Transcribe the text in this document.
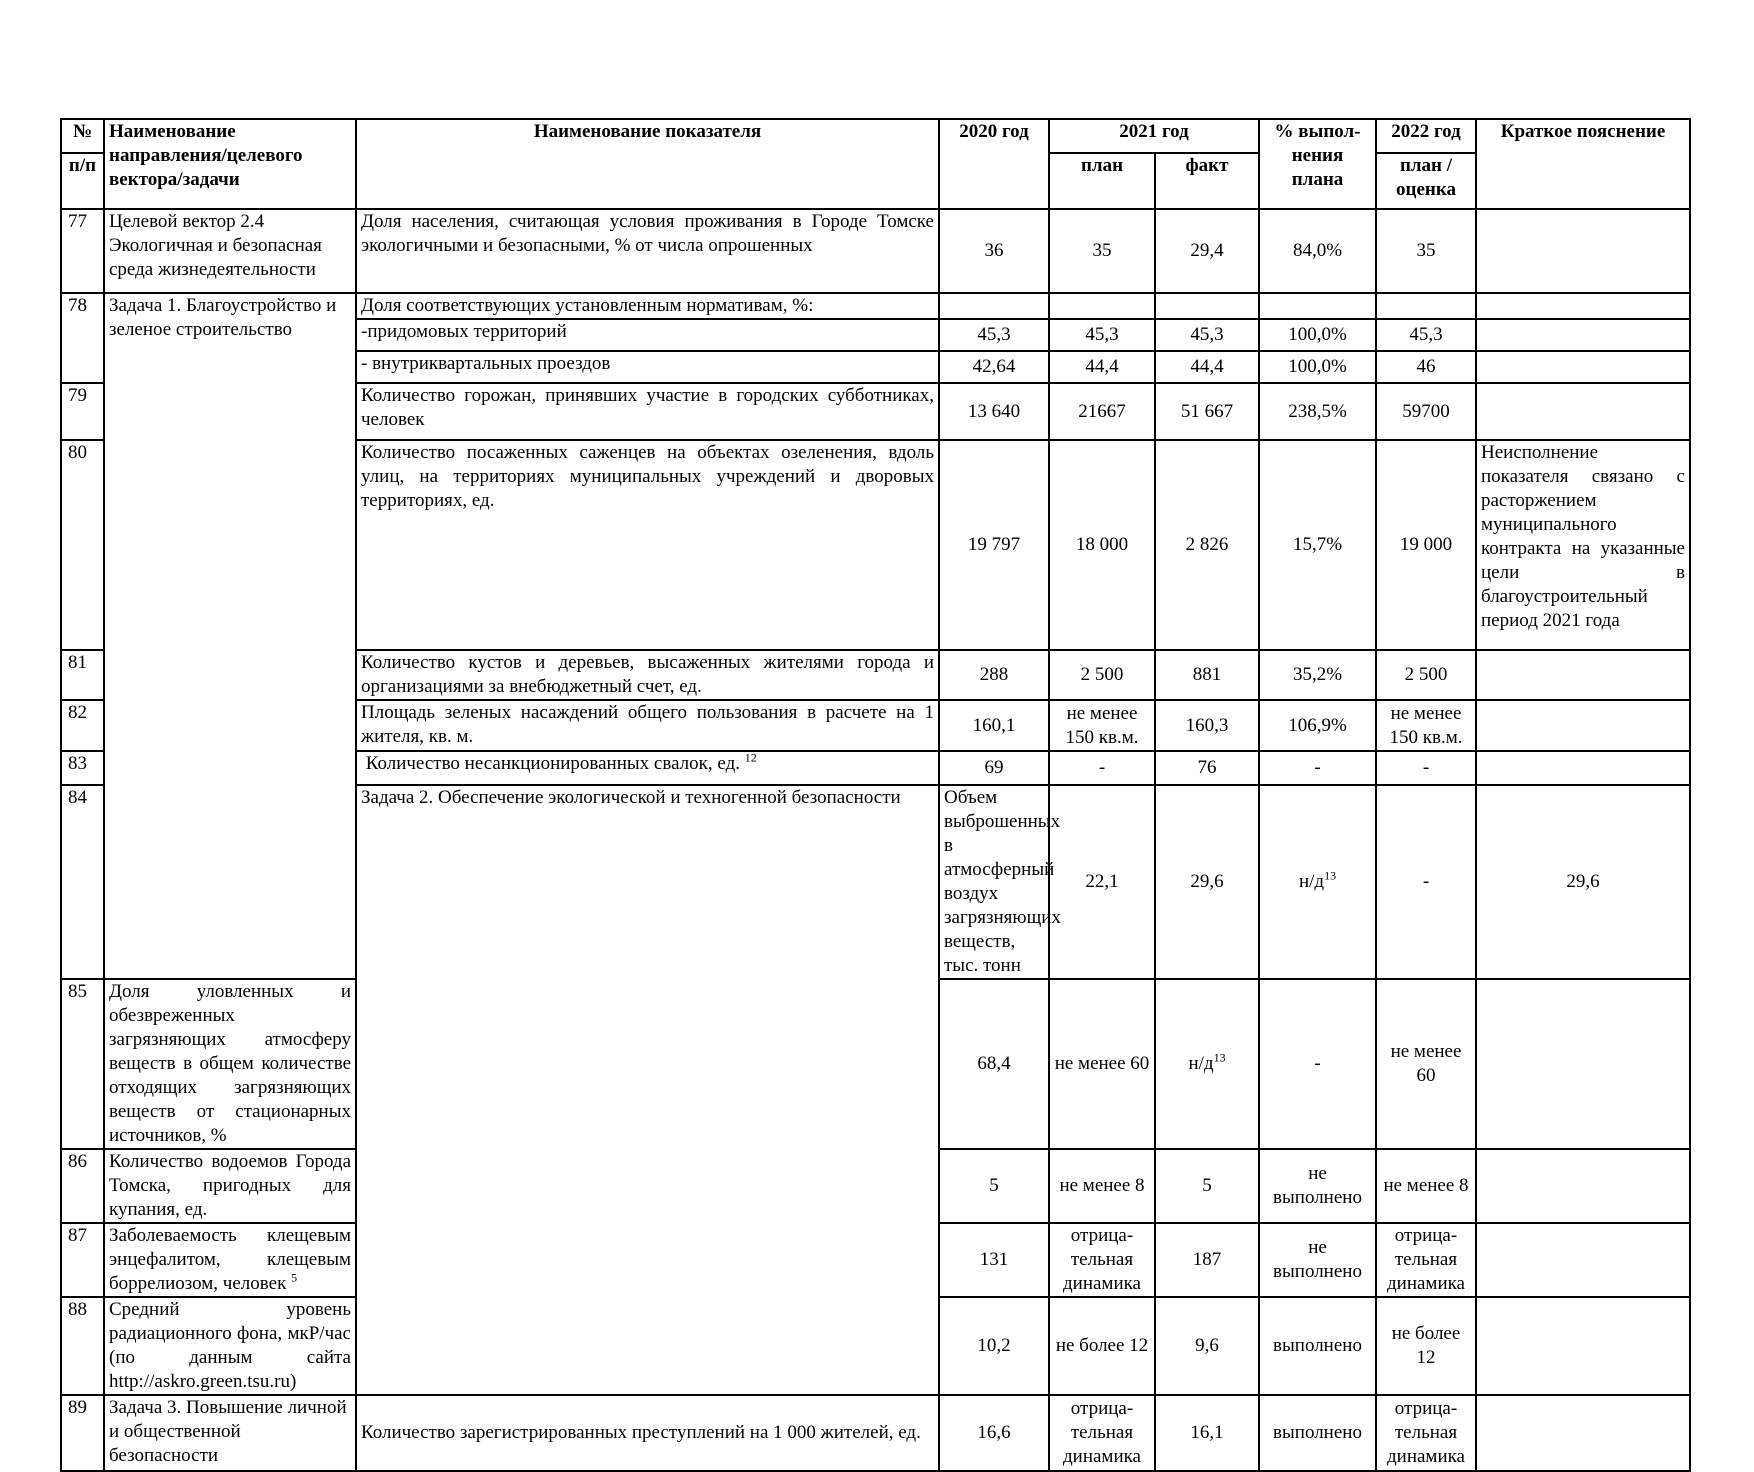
№	Наименование направления/целевого вектора/задачи	Наименование показателя	2020 год	2021 год		% выпол-нения плана	2022 год	Краткое пояснение	
п/п				план	факт		план / оценка		
77	Целевой вектор 2.4 Экологичная и безопасная среда жизнедеятельности	Доля населения, считающая условия проживания в Городе Томске экологичными и безопасными, % от числа опрошенных	36	35	29,4	84,0%	35		
78	Задача 1. Благоустройство и зеленое строительство	Доля соответствующих установленным нормативам, %:							
		-придомовых территорий	45,3	45,3	45,3	100,0%	45,3		
		- внутриквартальных проездов	42,64	44,4	44,4	100,0%	46		
79		Количество горожан, принявших участие в городских субботниках, человек	13 640	21667	51 667	238,5%	59700		
80		Количество посаженных саженцев на объектах озеленения, вдоль улиц, на территориях муниципальных учреждений и дворовых территориях, ед.	19 797	18 000	2 826	15,7%	19 000	Неисполнение показателя связано с расторжением муниципального контракта на указанные цели в благоустроительный период 2021 года	
81		Количество кустов и деревьев, высаженных жителями города и организациями за внебюджетный счет, ед.	288	2 500	881	35,2%	2 500		
82		Площадь зеленых насаждений общего пользования в расчете на 1 жителя, кв. м.	160,1	не менее 150 кв.м.	160,3	106,9%	не менее 150 кв.м.		
83		Количество несанкционированных свалок, ед. $^{12}$	69	-	76	-	-		
84		Задача 2. Обеспечение экологической и техногенной безопасности	Объем выброшенных в атмосферный воздух загрязняющих веществ, тыс. тонн	22,1	29,6	$н/д^{13}$	-	29,6	
85	Доля уловленных и обезвреженных загрязняющих атмосферу веществ в общем количестве отходящих загрязняющих веществ от стационарных источников, %		68,4	не менее 60	$н/д^{13}$	-	не менее 60		
86	Количество водоемов Города Томска, пригодных для купания, ед.		5	не менее 8	5	не выполнено	не менее 8		
87	Заболеваемость клещевым энцефалитом, клещевым боррелиозом, человек $^5$		131	отрица-тельная динамика	187	не выполнено	отрица-тельная динамика		
88	Средний уровень радиационного фона, мкР/час (по данным сайта http://askro.green.tsu.ru)		10,2	не более 12	9,6	выполнено	не более 12		
89	Задача 3. Повышение личной и общественной безопасности	Количество зарегистрированных преступлений на 1 000 жителей, ед.	16,6	отрица-тельная динамика	16,1	выполнено	отрица-тельная динамика		
